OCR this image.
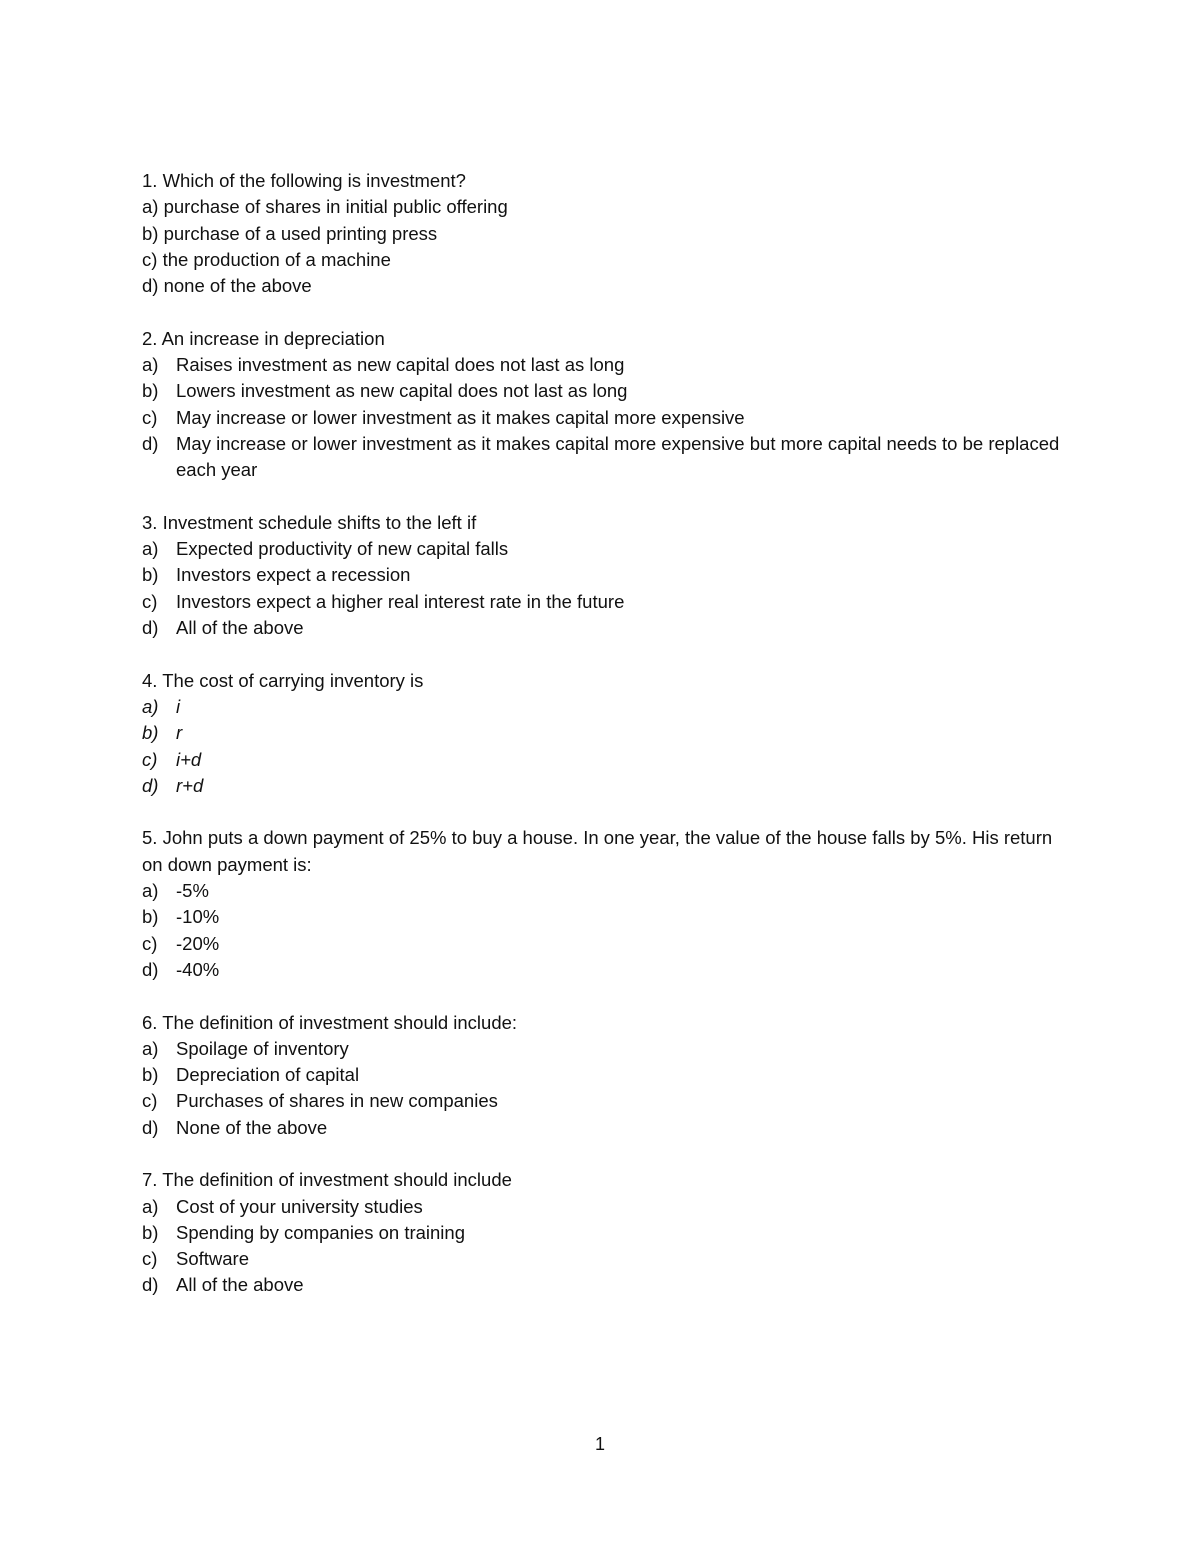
1. Which of the following is investment?
a) purchase of shares in initial public offering
b) purchase of a used printing press
c) the production of a machine
d) none of the above
2. An increase in depreciation
a) Raises investment as new capital does not last as long
b) Lowers investment as new capital does not last as long
c) May increase or lower investment as it makes capital more expensive
d) May increase or lower investment as it makes capital more expensive but more capital needs to be replaced each year
3. Investment schedule shifts to the left if
a) Expected productivity of new capital falls
b) Investors expect a recession
c) Investors expect a higher real interest rate in the future
d) All of the above
4. The cost of carrying inventory is
a) i
b) r
c) i+d
d) r+d
5. John puts a down payment of 25% to buy a house. In one year, the value of the house falls by 5%. His return on down payment is:
a) -5%
b) -10%
c) -20%
d) -40%
6. The definition of investment should include:
a) Spoilage of inventory
b) Depreciation of capital
c) Purchases of shares in new companies
d) None of the above
7. The definition of investment should include
a) Cost of your university studies
b) Spending by companies on training
c) Software
d) All of the above
1
